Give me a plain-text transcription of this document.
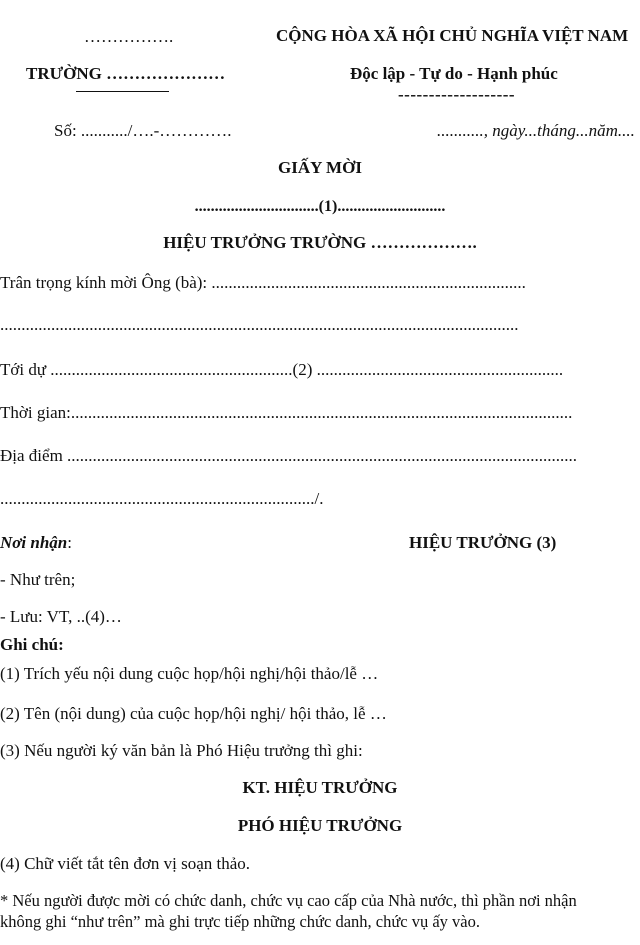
…………….	CỘNG HÒA XÃ HỘI CHỦ NGHĨA VIỆT NAM
TRƯỜNG …………………	Độc lập - Tự do - Hạnh phúc
-------------------
Số: .........../….-………….	..........., ngày...tháng...năm....
GIẤY MỜI
...............................(1)...........................
HIỆU TRƯỞNG TRƯỜNG ……………….
Trân trọng kính mời Ông (bà): ..........................................................................
..........................................................................................................................
Tới dự .........................................................(2) ..........................................................
Thời gian:......................................................................................................................
Địa điểm ........................................................................................................................
........................................................................../.
Nơi nhận:	HIỆU TRƯỞNG (3)
- Như trên;
- Lưu: VT, ..(4)…
Ghi chú:
(1) Trích yếu nội dung cuộc họp/hội nghị/hội thảo/lễ …
(2) Tên (nội dung) của cuộc họp/hội nghị/ hội thảo, lễ …
(3) Nếu người ký văn bản là Phó Hiệu trưởng thì ghi:
KT. HIỆU TRƯỞNG
PHÓ HIỆU TRƯỞNG
(4) Chữ viết tắt tên đơn vị soạn thảo.
* Nếu người được mời có chức danh, chức vụ cao cấp của Nhà nước, thì phần nơi nhận
không ghi “như trên” mà ghi trực tiếp những chức danh, chức vụ ấy vào.
